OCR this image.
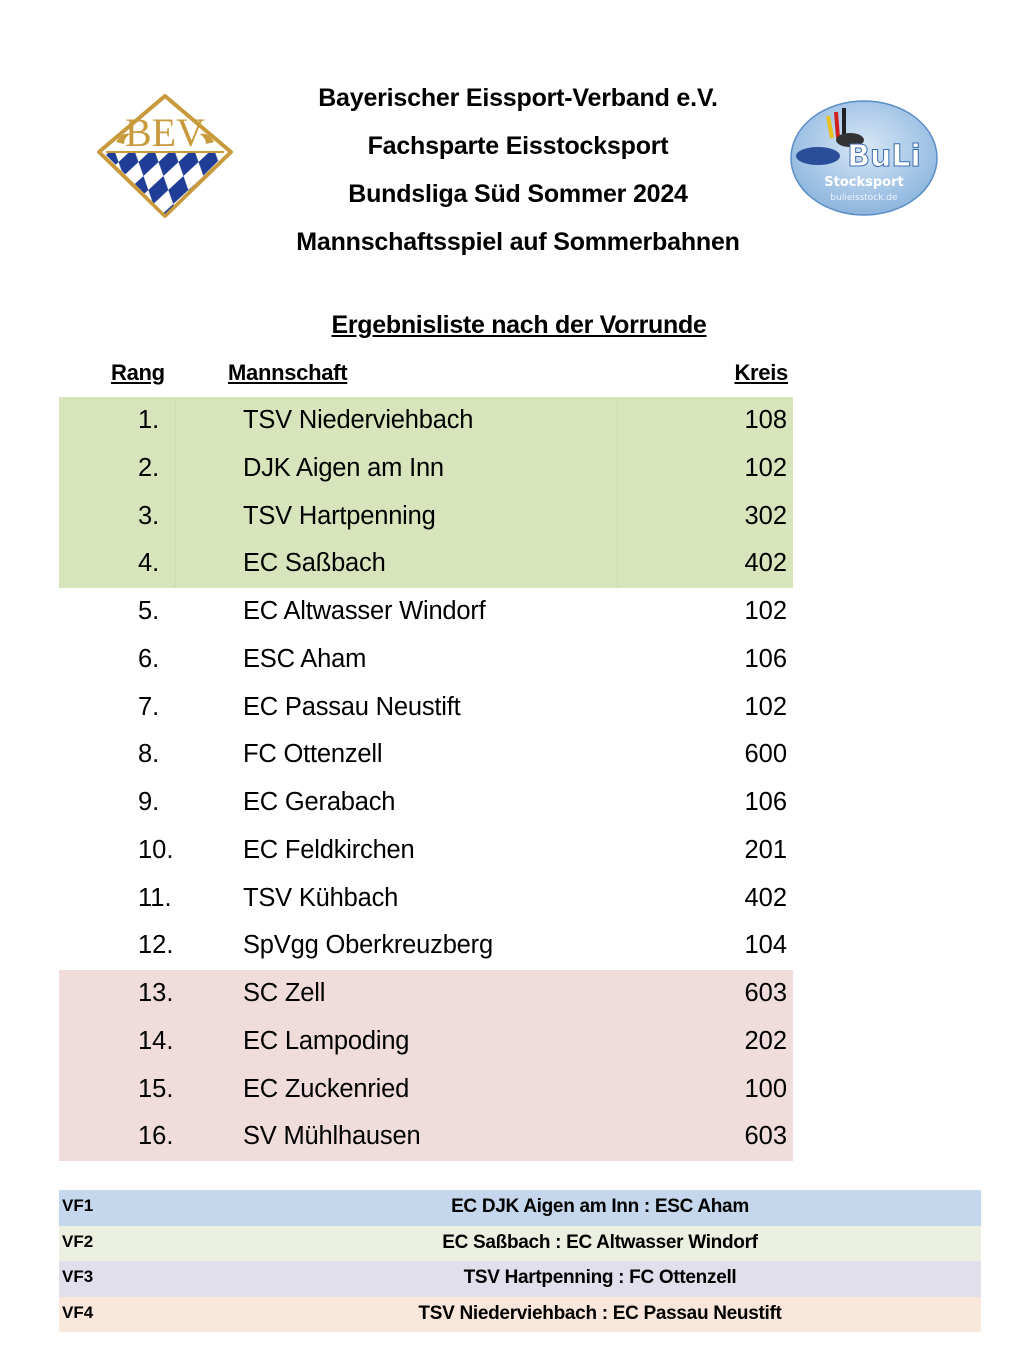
BEV
BuLi
Stocksport
buliеisstock.de
Bayerischer Eissport-Verband e.V.
Fachsparte Eisstocksport
Bundsliga Süd Sommer 2024
Mannschaftsspiel auf Sommerbahnen
Ergebnisliste nach der Vorrunde
Rang	Mannschaft	Kreis
1.	TSV Niederviehbach	108
2.	DJK Aigen am Inn	102
3.	TSV Hartpenning	302
4.	EC Saßbach	402
5.	EC Altwasser Windorf	102
6.	ESC Aham	106
7.	EC Passau Neustift	102
8.	FC Ottenzell	600
9.	EC Gerabach	106
10.	EC Feldkirchen	201
11.	TSV Kühbach	402
12.	SpVgg Oberkreuzberg	104
13.	SC Zell	603
14.	EC Lampoding	202
15.	EC Zuckenried	100
16.	SV Mühlhausen	603
VF1	EC DJK Aigen am Inn : ESC Aham
VF2	EC Saßbach : EC Altwasser Windorf
VF3	TSV Hartpenning : FC Ottenzell
VF4	TSV Niederviehbach : EC Passau Neustift
